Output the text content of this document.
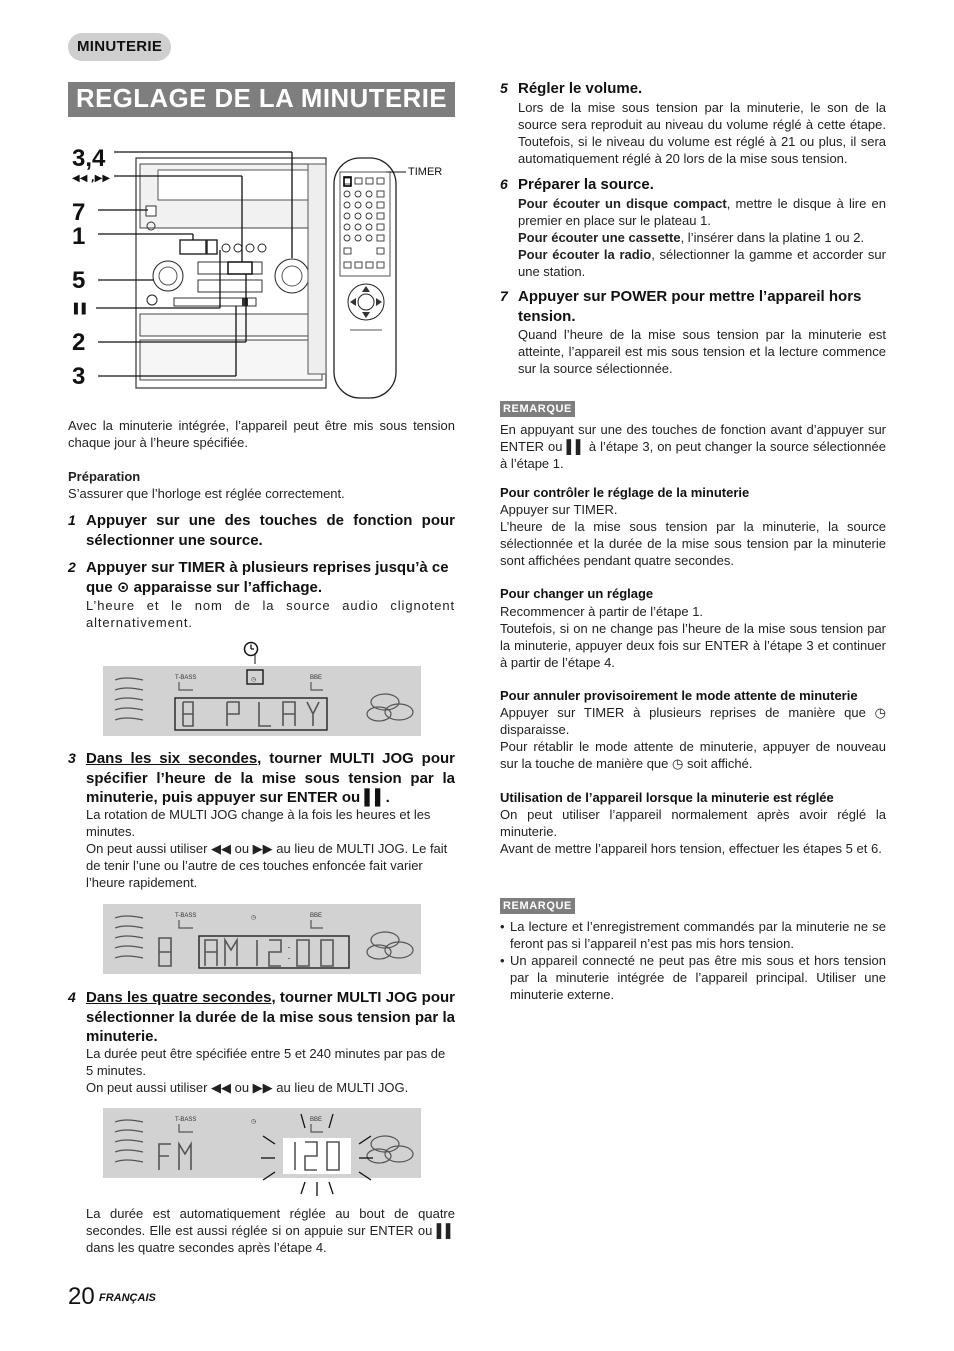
MINUTERIE
REGLAGE DE LA MINUTERIE
3,4
◀◀ ,▶▶
7
1
5
▌▌
2
3
TIMER
Avec la minuterie intégrée, l’appareil peut être mis sous tension chaque jour à l’heure spécifiée.
Préparation
S’assurer que l’horloge est réglée correctement.
1 Appuyer sur une des touches de fonction pour sélectionner une source.
2 Appuyer sur TIMER à plusieurs reprises jusqu’à ce que ⊙ apparaisse sur l’affichage.
L’heure et le nom de la source audio clignotent alternativement.
T-BASS	BBE
◷
3 Dans les six secondes, tourner MULTI JOG pour spécifier l’heure de la mise sous tension par la minuterie, puis appuyer sur ENTER ou ▌▌.
La rotation de MULTI JOG change à la fois les heures et les minutes.
On peut aussi utiliser ◀◀ ou ▶▶ au lieu de MULTI JOG. Le fait de tenir l’une ou l’autre de ces touches enfoncée fait varier l’heure rapidement.
T-BASS	BBE
◷
4 Dans les quatre secondes, tourner MULTI JOG pour sélectionner la durée de la mise sous tension par la minuterie.
La durée peut être spécifiée entre 5 et 240 minutes par pas de 5 minutes.
On peut aussi utiliser ◀◀ ou ▶▶ au lieu de MULTI JOG.
T-BASS	BBE
◷
La durée est automatiquement réglée au bout de quatre secondes. Elle est aussi réglée si on appuie sur ENTER ou ▌▌ dans les quatre secondes après l’étape 4.
5 Régler le volume.
Lors de la mise sous tension par la minuterie, le son de la source sera reproduit au niveau du volume réglé à cette étape. Toutefois, si le niveau du volume est réglé à 21 ou plus, il sera automatiquement réglé à 20 lors de la mise sous tension.
6 Préparer la source.
Pour écouter un disque compact, mettre le disque à lire en premier en place sur le plateau 1.
Pour écouter une cassette, l’insérer dans la platine 1 ou 2.
Pour écouter la radio, sélectionner la gamme et accorder sur une station.
7 Appuyer sur POWER pour mettre l’appareil hors tension.
Quand l’heure de la mise sous tension par la minuterie est atteinte, l’appareil est mis sous tension et la lecture commence sur la source sélectionnée.
REMARQUE
En appuyant sur une des touches de fonction avant d’appuyer sur ENTER ou ▌▌ à l’étape 3, on peut changer la source sélectionnée à l’étape 1.
Pour contrôler le réglage de la minuterie
Appuyer sur TIMER.
L’heure de la mise sous tension par la minuterie, la source sélectionnée et la durée de la mise sous tension par la minuterie sont affichées pendant quatre secondes.
Pour changer un réglage
Recommencer à partir de l’étape 1.
Toutefois, si on ne change pas l’heure de la mise sous tension par la minuterie, appuyer deux fois sur ENTER à l’étape 3 et continuer à partir de l’étape 4.
Pour annuler provisoirement le mode attente de minuterie
Appuyer sur TIMER à plusieurs reprises de manière que ◷ disparaisse.
Pour rétablir le mode attente de minuterie, appuyer de nouveau sur la touche de manière que ◷ soit affiché.
Utilisation de l’appareil lorsque la minuterie est réglée
On peut utiliser l’appareil normalement après avoir réglé la minuterie.
Avant de mettre l’appareil hors tension, effectuer les étapes 5 et 6.
REMARQUE
• La lecture et l’enregistrement commandés par la minuterie ne se feront pas si l’appareil n’est pas mis hors tension.
• Un appareil connecté ne peut pas être mis sous et hors tension par la minuterie intégrée de l’appareil principal. Utiliser une minuterie externe.
20 FRANÇAIS
